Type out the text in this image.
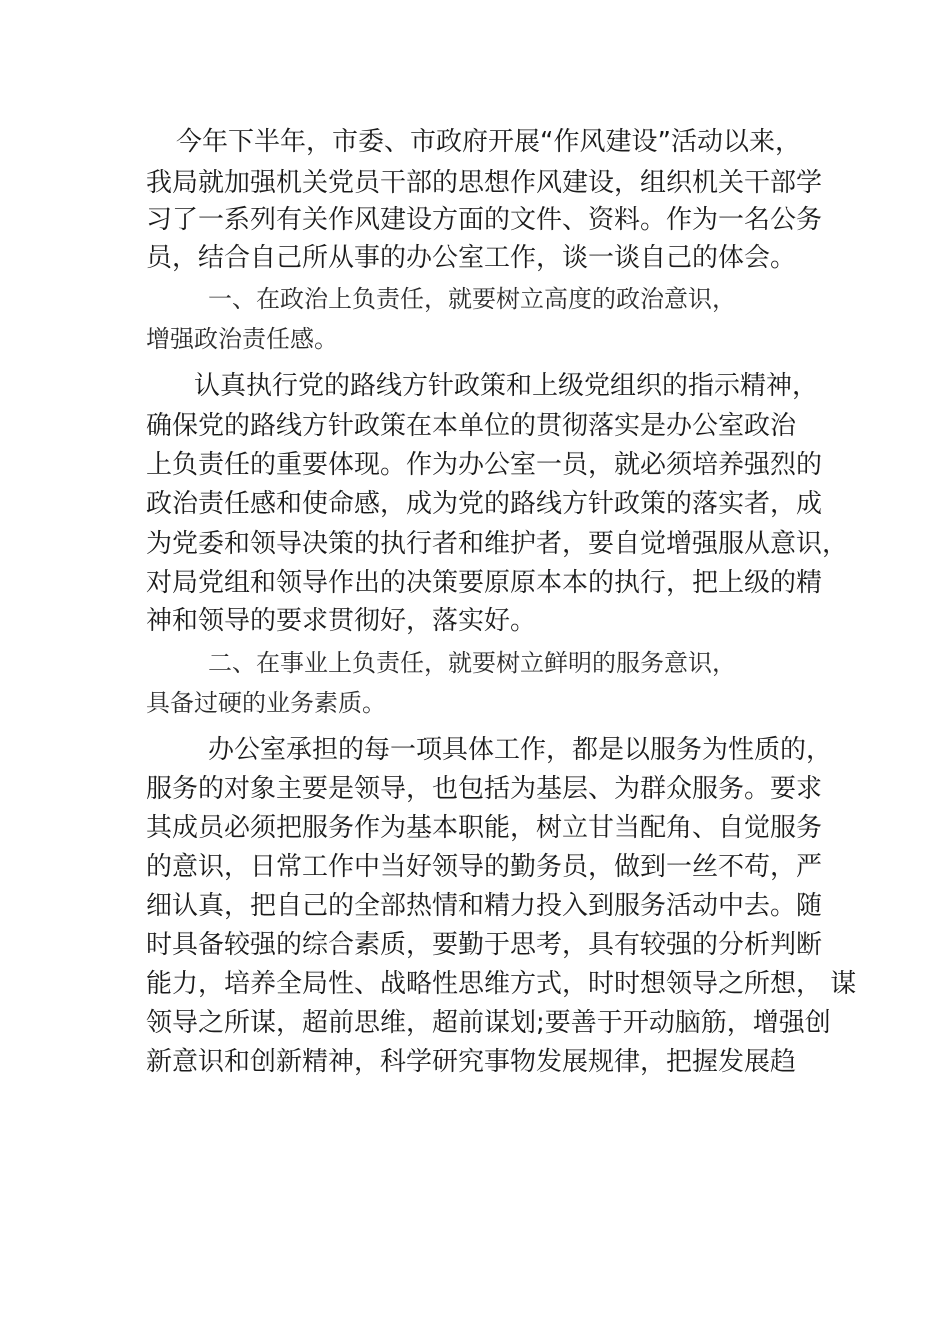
今年下半年，市委、市政府开展“作风建设”活动以来，

我局就加强机关党员干部的思想作风建设，组织机关干部学

习了一系列有关作风建设方面的文件、资料。作为一名公务

员，结合自己所从事的办公室工作，谈一谈自己的体会。

一、在政治上负责任，就要树立高度的政治意识，

增强政治责任感。

认真执行党的路线方针政策和上级党组织的指示精神，

确保党的路线方针政策在本单位的贯彻落实是办公室政治

上负责任的重要体现。作为办公室一员，就必须培养强烈的

政治责任感和使命感，成为党的路线方针政策的落实者，成

为党委和领导决策的执行者和维护者，要自觉增强服从意识，

对局党组和领导作出的决策要原原本本的执行，把上级的精

神和领导的要求贯彻好，落实好。

二、在事业上负责任，就要树立鲜明的服务意识，

具备过硬的业务素质。

办公室承担的每一项具体工作，都是以服务为性质的，

服务的对象主要是领导，也包括为基层、为群众服务。要求

其成员必须把服务作为基本职能，树立甘当配角、自觉服务

的意识，日常工作中当好领导的勤务员，做到一丝不苟，严

细认真，把自己的全部热情和精力投入到服务活动中去。随

时具备较强的综合素质，要勤于思考，具有较强的分析判断

能力，培养全局性、战略性思维方式，时时想领导之所想， 谋

领导之所谋，超前思维，超前谋划;要善于开动脑筋，增强创

新意识和创新精神，科学研究事物发展规律，把握发展趋
